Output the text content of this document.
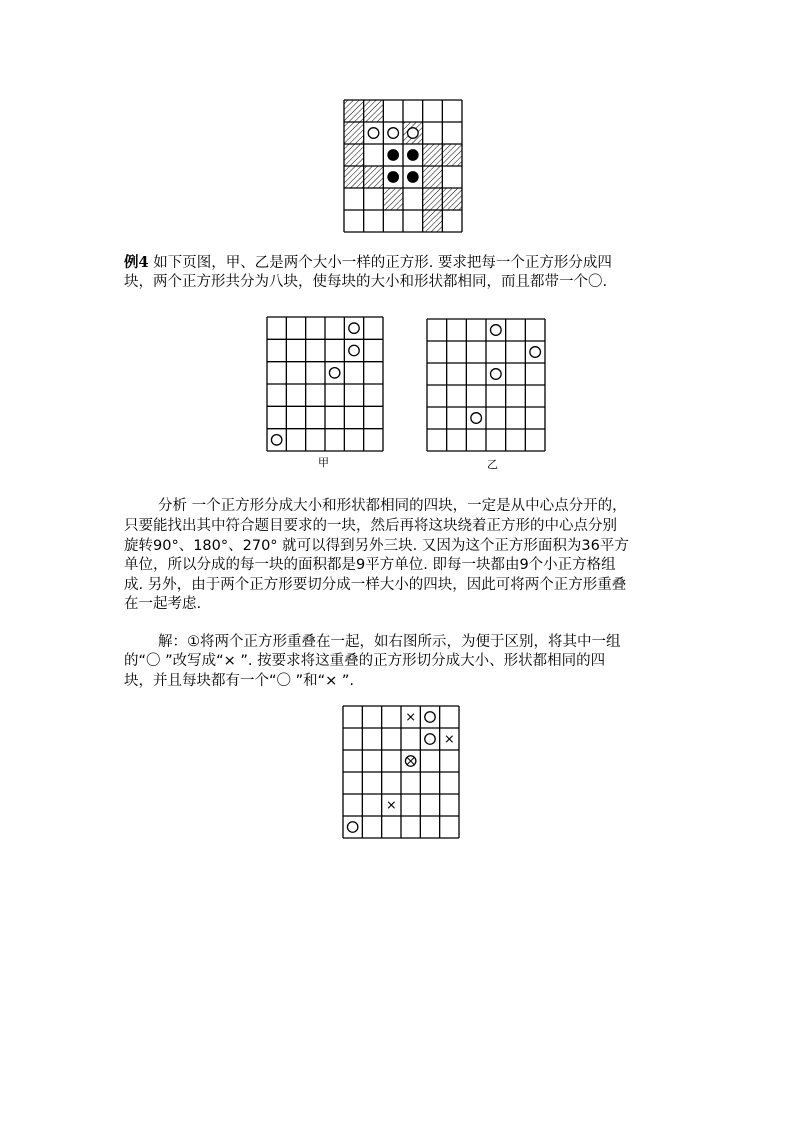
例4 如下页图，甲、乙是两个大小一样的正方形. 要求把每一个正方形分成四
块，两个正方形共分为八块，使每块的大小和形状都相同，而且都带一个〇.
甲	乙
分析 一个正方形分成大小和形状都相同的四块，一定是从中心点分开的，
只要能找出其中符合题目要求的一块，然后再将这块绕着正方形的中心点分别
旋转90°、180°、270° 就可以得到另外三块. 又因为这个正方形面积为36平方
单位，所以分成的每一块的面积都是9平方单位. 即每一块都由9个小正方格组
成. 另外，由于两个正方形要切分成一样大小的四块，因此可将两个正方形重叠
在一起考虑.
解：①将两个正方形重叠在一起，如右图所示，为便于区别，将其中一组
的“〇 ”改写成“× ”. 按要求将这重叠的正方形切分成大小、形状都相同的四
块，并且每块都有一个“〇 ”和“× ”.
